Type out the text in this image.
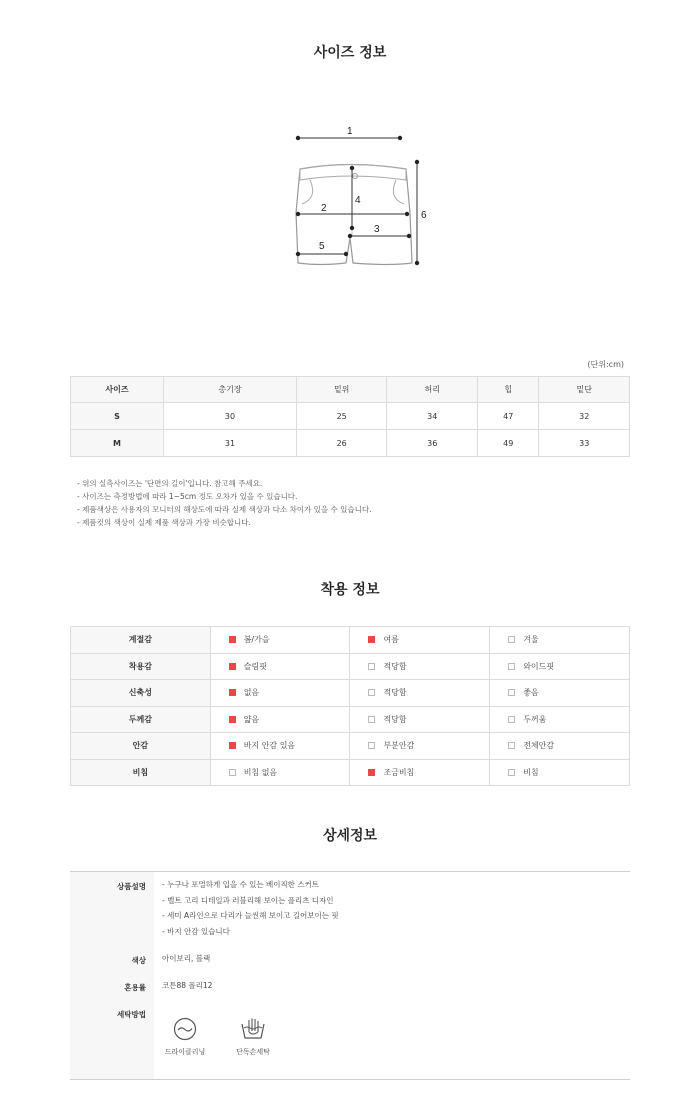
사이즈 정보
1
2
3
4
5
6
(단위:cm)
사이즈	총기장	밑위	허리	힙	밑단
S	30	25	34	47	32
M	31	26	36	49	33
- 위의 실측사이즈는 '단면의 길이'입니다. 참고해 주세요.
- 사이즈는 측정방법에 따라 1~5cm 정도 오차가 있을 수 있습니다.
- 제품색상은 사용자의 모니터의 해상도에 따라 실제 색상과 다소 차이가 있을 수 있습니다.
- 제품컷의 색상이 실제 제품 색상과 가장 비슷합니다.
착용 정보
계절감	봄/가을	여름	겨울
착용감	슬림핏	적당함	와이드핏
신축성	없음	적당함	좋음
두께감	얇음	적당함	두꺼움
안감	바지 안감 있음	부분안감	전체안감
비침	비침 없음	조금비침	비침
상세정보
상품설명 - 누구나 포멀하게 입을 수 있는 베이직한 스커트
- 벨트 고리 디테일과 러블리해 보이는 플리츠 디자인
- 세미 A라인으로 다리가 늘씬해 보이고 길어보이는 핏
- 바지 안감 있습니다
색상 아이보리, 블랙
혼용률 코튼88 폴리12
세탁방법
드라이클리닝	단독손세탁
